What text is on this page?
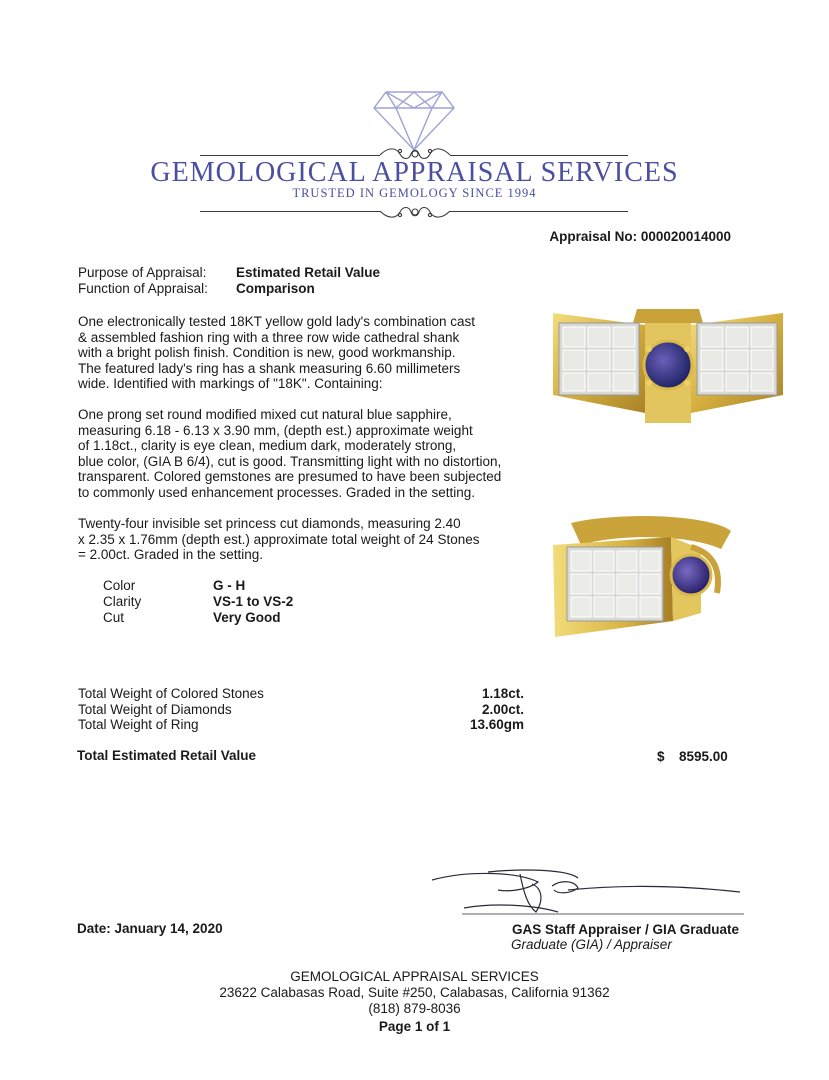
GEMOLOGICAL APPRAISAL SERVICES
TRUSTED IN GEMOLOGY SINCE 1994
Appraisal No: 000020014000
Purpose of Appraisal: Estimated Retail Value
Function of Appraisal: Comparison
One electronically tested 18KT yellow gold lady's combination cast
& assembled fashion ring with a three row wide cathedral shank
with a bright polish finish. Condition is new, good workmanship.
The featured lady's ring has a shank measuring 6.60 millimeters
wide. Identified with markings of "18K". Containing:
One prong set round modified mixed cut natural blue sapphire,
measuring 6.18 - 6.13 x 3.90 mm, (depth est.) approximate weight
of 1.18ct., clarity is eye clean, medium dark, moderately strong,
blue color, (GIA B 6/4), cut is good. Transmitting light with no distortion,
transparent. Colored gemstones are presumed to have been subjected
to commonly used enhancement processes. Graded in the setting.
Twenty-four invisible set princess cut diamonds, measuring 2.40
x 2.35 x 1.76mm (depth est.) approximate total weight of 24 Stones
= 2.00ct. Graded in the setting.
Color	G - H
Clarity	VS-1 to VS-2
Cut	Very Good
Total Weight of Colored Stones	1.18ct.
Total Weight of Diamonds	2.00ct.
Total Weight of Ring	13.60gm
Total Estimated Retail Value	$ 8595.00
Date: January 14, 2020	GAS Staff Appraiser / GIA Graduate
Graduate (GIA) / Appraiser
GEMOLOGICAL APPRAISAL SERVICES
23622 Calabasas Road, Suite #250, Calabasas, California 91362
(818) 879-8036
Page 1 of 1
